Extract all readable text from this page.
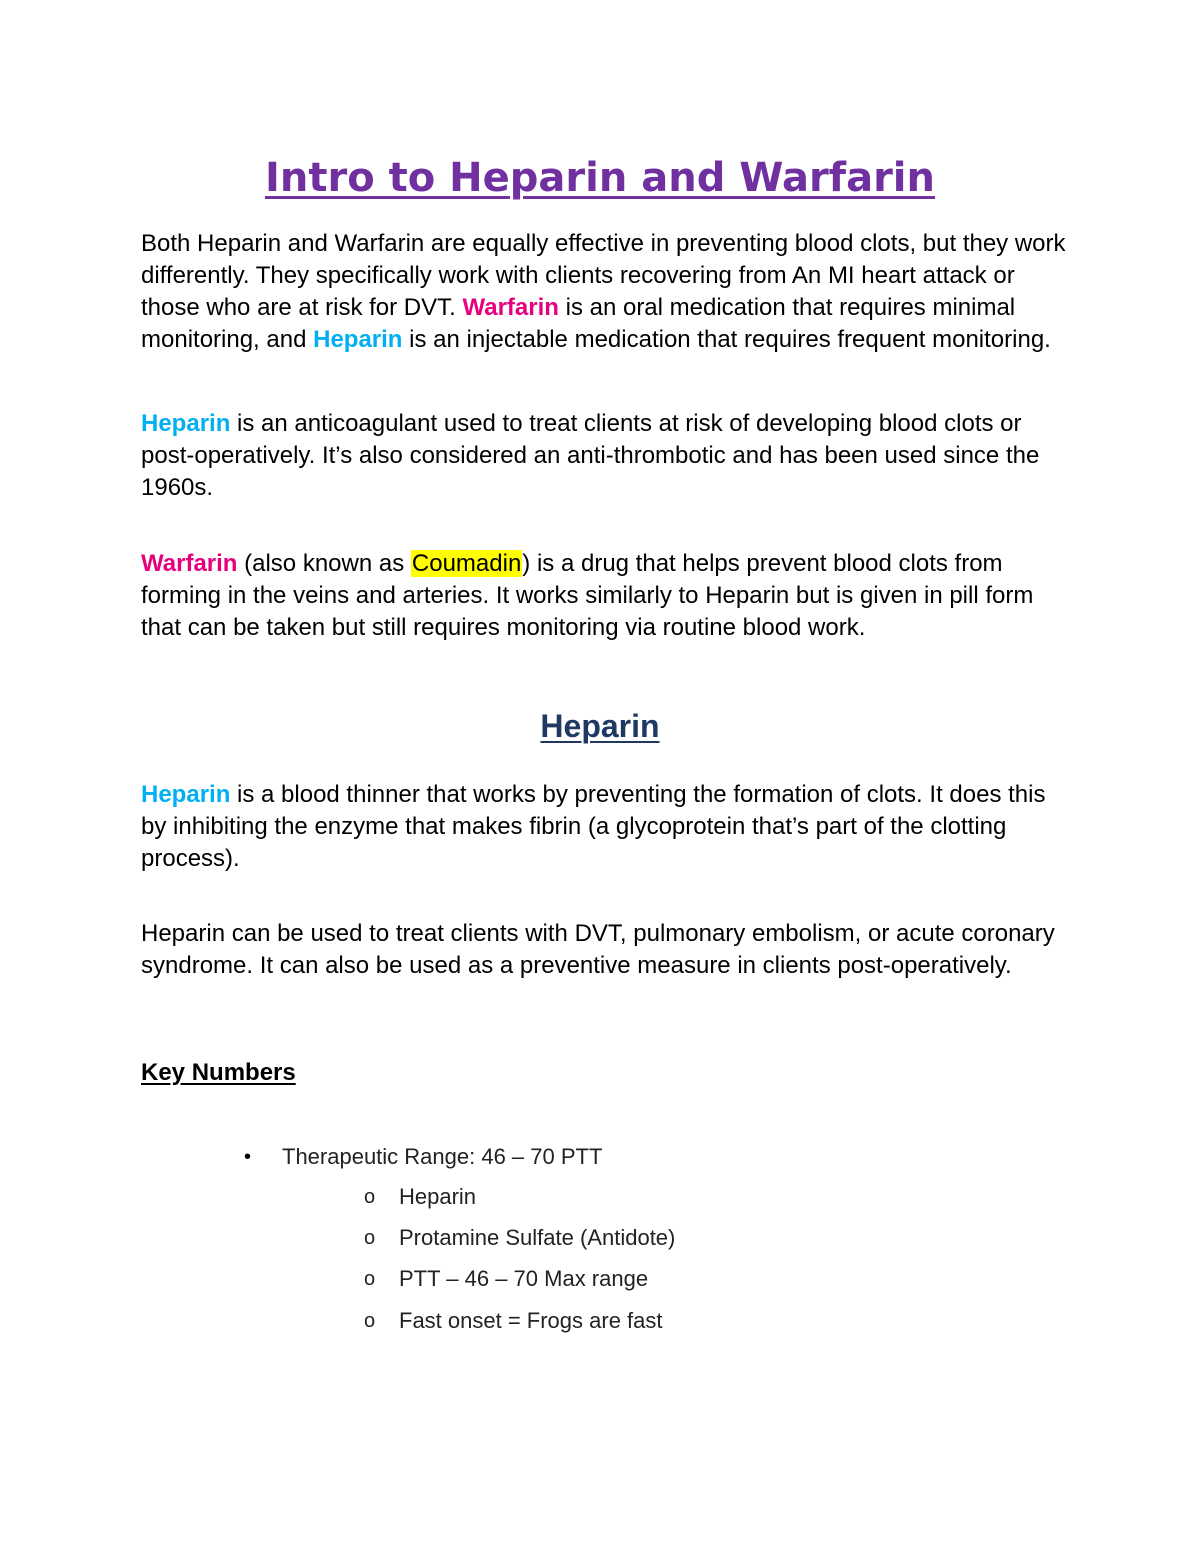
Intro to Heparin and Warfarin

Both Heparin and Warfarin are equally effective in preventing blood clots, but they work differently. They specifically work with clients recovering from An MI heart attack or those who are at risk for DVT. Warfarin is an oral medication that requires minimal monitoring, and Heparin is an injectable medication that requires frequent monitoring.

Heparin is an anticoagulant used to treat clients at risk of developing blood clots or post-operatively. It’s also considered an anti-thrombotic and has been used since the 1960s.

Warfarin (also known as Coumadin) is a drug that helps prevent blood clots from forming in the veins and arteries. It works similarly to Heparin but is given in pill form that can be taken but still requires monitoring via routine blood work.

Heparin

Heparin is a blood thinner that works by preventing the formation of clots. It does this by inhibiting the enzyme that makes fibrin (a glycoprotein that’s part of the clotting process).

Heparin can be used to treat clients with DVT, pulmonary embolism, or acute coronary syndrome. It can also be used as a preventive measure in clients post-operatively.

Key Numbers
• Therapeutic Range: 46 – 70 PTT
o Heparin
o Protamine Sulfate (Antidote)
o PTT – 46 – 70 Max range
o Fast onset = Frogs are fast
